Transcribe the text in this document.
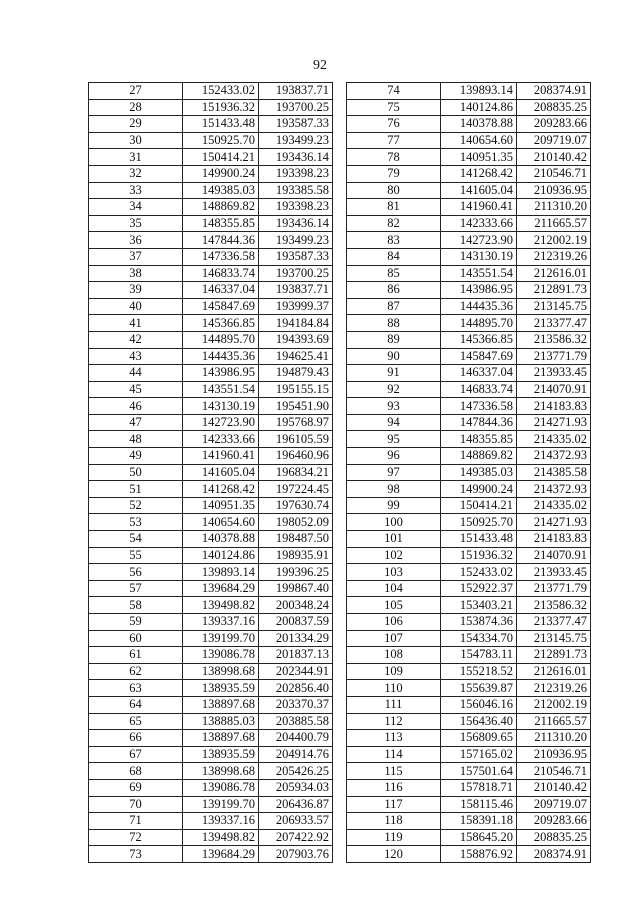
92
27	152433.02	193837.71
28	151936.32	193700.25
29	151433.48	193587.33
30	150925.70	193499.23
31	150414.21	193436.14
32	149900.24	193398.23
33	149385.03	193385.58
34	148869.82	193398.23
35	148355.85	193436.14
36	147844.36	193499.23
37	147336.58	193587.33
38	146833.74	193700.25
39	146337.04	193837.71
40	145847.69	193999.37
41	145366.85	194184.84
42	144895.70	194393.69
43	144435.36	194625.41
44	143986.95	194879.43
45	143551.54	195155.15
46	143130.19	195451.90
47	142723.90	195768.97
48	142333.66	196105.59
49	141960.41	196460.96
50	141605.04	196834.21
51	141268.42	197224.45
52	140951.35	197630.74
53	140654.60	198052.09
54	140378.88	198487.50
55	140124.86	198935.91
56	139893.14	199396.25
57	139684.29	199867.40
58	139498.82	200348.24
59	139337.16	200837.59
60	139199.70	201334.29
61	139086.78	201837.13
62	138998.68	202344.91
63	138935.59	202856.40
64	138897.68	203370.37
65	138885.03	203885.58
66	138897.68	204400.79
67	138935.59	204914.76
68	138998.68	205426.25
69	139086.78	205934.03
70	139199.70	206436.87
71	139337.16	206933.57
72	139498.82	207422.92
73	139684.29	207903.76
74	139893.14	208374.91
75	140124.86	208835.25
76	140378.88	209283.66
77	140654.60	209719.07
78	140951.35	210140.42
79	141268.42	210546.71
80	141605.04	210936.95
81	141960.41	211310.20
82	142333.66	211665.57
83	142723.90	212002.19
84	143130.19	212319.26
85	143551.54	212616.01
86	143986.95	212891.73
87	144435.36	213145.75
88	144895.70	213377.47
89	145366.85	213586.32
90	145847.69	213771.79
91	146337.04	213933.45
92	146833.74	214070.91
93	147336.58	214183.83
94	147844.36	214271.93
95	148355.85	214335.02
96	148869.82	214372.93
97	149385.03	214385.58
98	149900.24	214372.93
99	150414.21	214335.02
100	150925.70	214271.93
101	151433.48	214183.83
102	151936.32	214070.91
103	152433.02	213933.45
104	152922.37	213771.79
105	153403.21	213586.32
106	153874.36	213377.47
107	154334.70	213145.75
108	154783.11	212891.73
109	155218.52	212616.01
110	155639.87	212319.26
111	156046.16	212002.19
112	156436.40	211665.57
113	156809.65	211310.20
114	157165.02	210936.95
115	157501.64	210546.71
116	157818.71	210140.42
117	158115.46	209719.07
118	158391.18	209283.66
119	158645.20	208835.25
120	158876.92	208374.91
